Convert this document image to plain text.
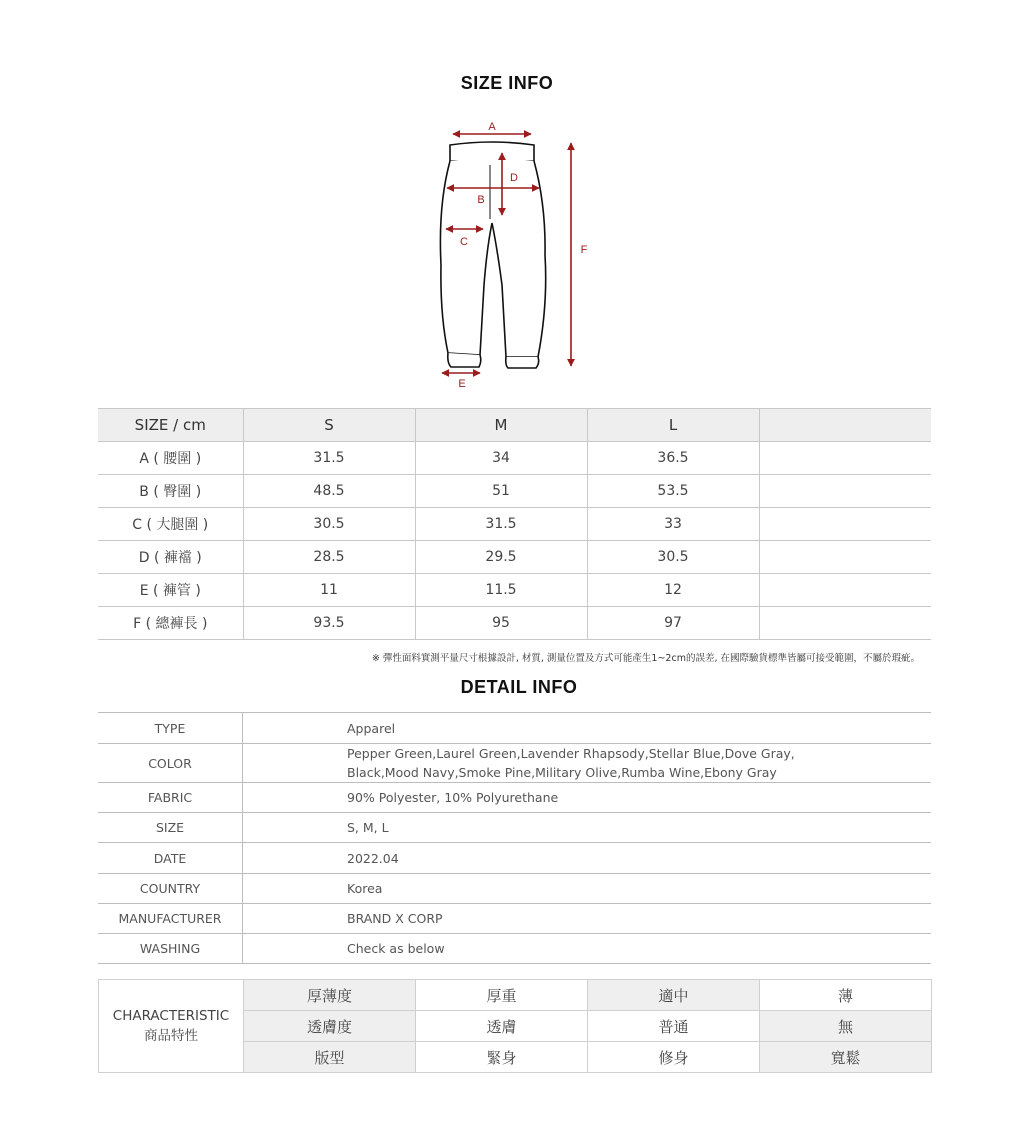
SIZE INFO
A
D
B
C
F
E
SIZE / cm	S	M	L	
A ( 腰圍 )	31.5	34	36.5	
B ( 臀圍 )	48.5	51	53.5	
C ( 大腿圍 )	30.5	31.5	33	
D ( 褲襠 )	28.5	29.5	30.5	
E ( 褲管 )	11	11.5	12	
F ( 總褲長 )	93.5	95	97	
※ 彈性面料實測平量尺寸根據設計, 材質, 測量位置及方式可能產生1~2cm的誤差, 在國際驗貨標準皆屬可接受範圍，不屬於瑕疵。
DETAIL INFO
TYPE	Apparel
COLOR	Pepper Green,Laurel Green,Lavender Rhapsody,Stellar Blue,Dove Gray,
Black,Mood Navy,Smoke Pine,Military Olive,Rumba Wine,Ebony Gray

FABRIC	90% Polyester, 10% Polyurethane
SIZE	S, M, L
DATE	2022.04
COUNTRY	Korea
MANUFACTURER	BRAND X CORP
WASHING	Check as below
CHARACTERISTIC
商品特性	厚薄度	厚重	適中	薄
	透膚度	透膚	普通	無
	版型	緊身	修身	寬鬆
